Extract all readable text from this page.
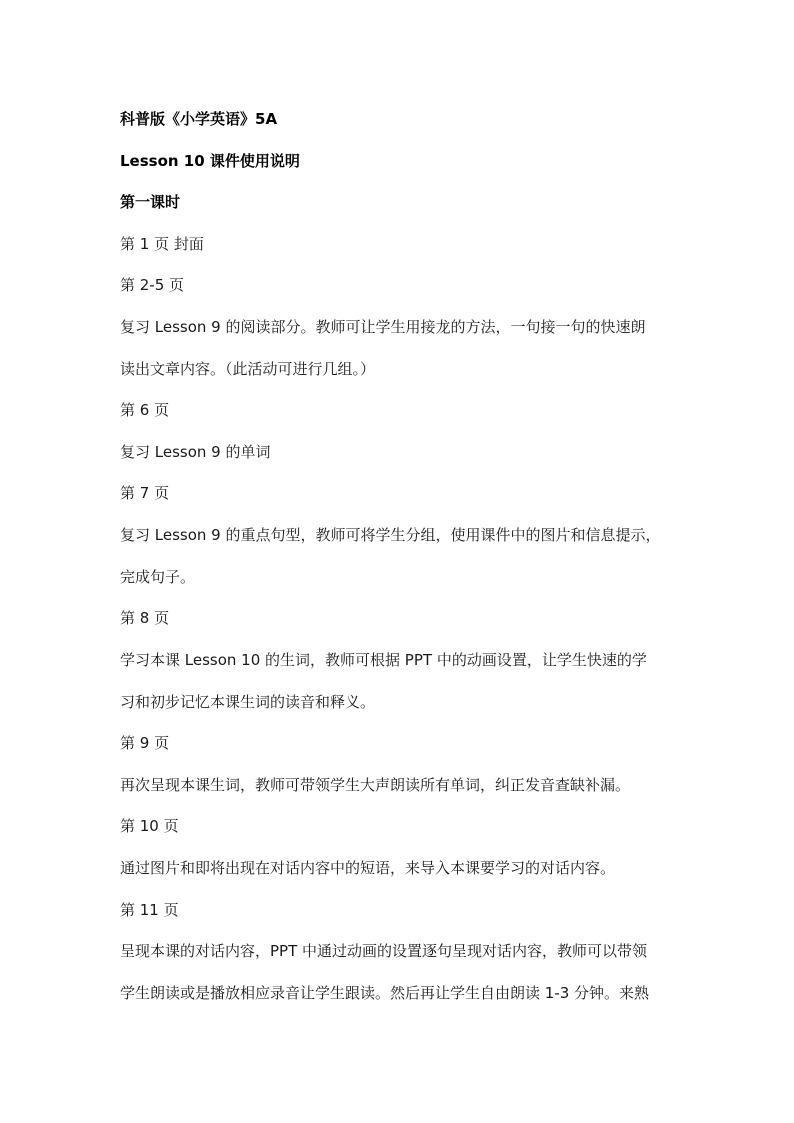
科普版《小学英语》5A
Lesson 10 课件使用说明
第一课时
第 1 页 封面
第 2-5 页
复习 Lesson 9 的阅读部分。教师可让学生用接龙的方法，一句接一句的快速朗
读出文章内容。（此活动可进行几组。）
第 6 页
复习 Lesson 9 的单词
第 7 页
复习 Lesson 9 的重点句型，教师可将学生分组，使用课件中的图片和信息提示，
完成句子。
第 8 页
学习本课 Lesson 10 的生词，教师可根据 PPT 中的动画设置，让学生快速的学
习和初步记忆本课生词的读音和释义。
第 9 页
再次呈现本课生词，教师可带领学生大声朗读所有单词，纠正发音查缺补漏。
第 10 页
通过图片和即将出现在对话内容中的短语，来导入本课要学习的对话内容。
第 11 页
呈现本课的对话内容，PPT 中通过动画的设置逐句呈现对话内容，教师可以带领
学生朗读或是播放相应录音让学生跟读。然后再让学生自由朗读 1-3 分钟。来熟
